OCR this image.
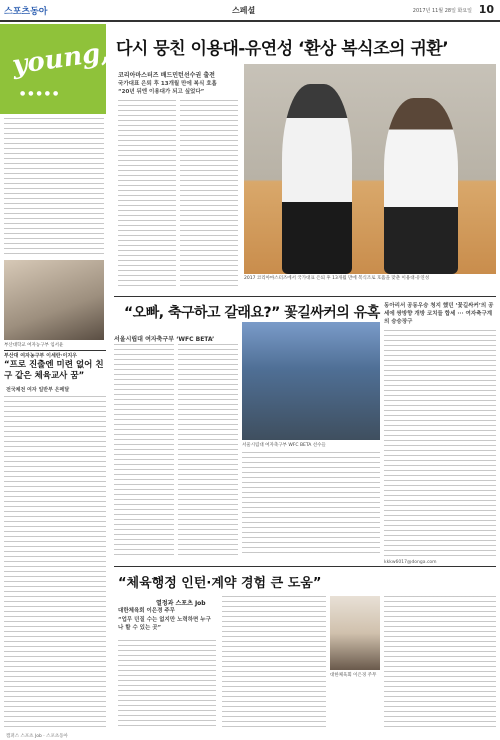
스포츠동아	스페셜	2017년 11월 28일 화요일 10
young,
●●●●●
다시 뭉친 이용대-유연성 ‘환상 복식조의 귀환’
코리아마스터즈 배드민턴선수권 출전
국가대표 은퇴 후 13개월 만에 복식 호흡
“20년 뒤엔 이용대가 되고 싶었다”
2017 코리아마스터즈에서 국가대표 은퇴 후 13개월 만에 복식조로 호흡을 맞춘 이용대·유연성
부산대학교 여자농구부 임서윤
부산대 여자농구부 이세란·이지우
“프로 진출엔 미련 없어 친구 같은 체육교사 꿈”
전국체전 여자 일반부 은메달
“오빠, 축구하고 갈래요?” 꽃길싸커의 유혹 동아리서 공동우승 청지 했던 ‘꽃길싸커’의 공세에 쌍방향 개방 코치들 합세 ··· 여자축구계의 승승장구
서울시립대 여자축구부 ‘WFC BETA’
서울시립대 여자축구부 WFC BETA 선수들
kkkw6017@donga.com
“체육행정 인턴·계약 경험 큰 도움”
열정과 스포츠 Job
대한체육회 이은경 주무
“업무 던질 수는 없지만 노력하면 누구나 할 수 있는 곳”
대한체육회 이은경 주무
캠퍼스 스포츠 Job · 스포츠동아
